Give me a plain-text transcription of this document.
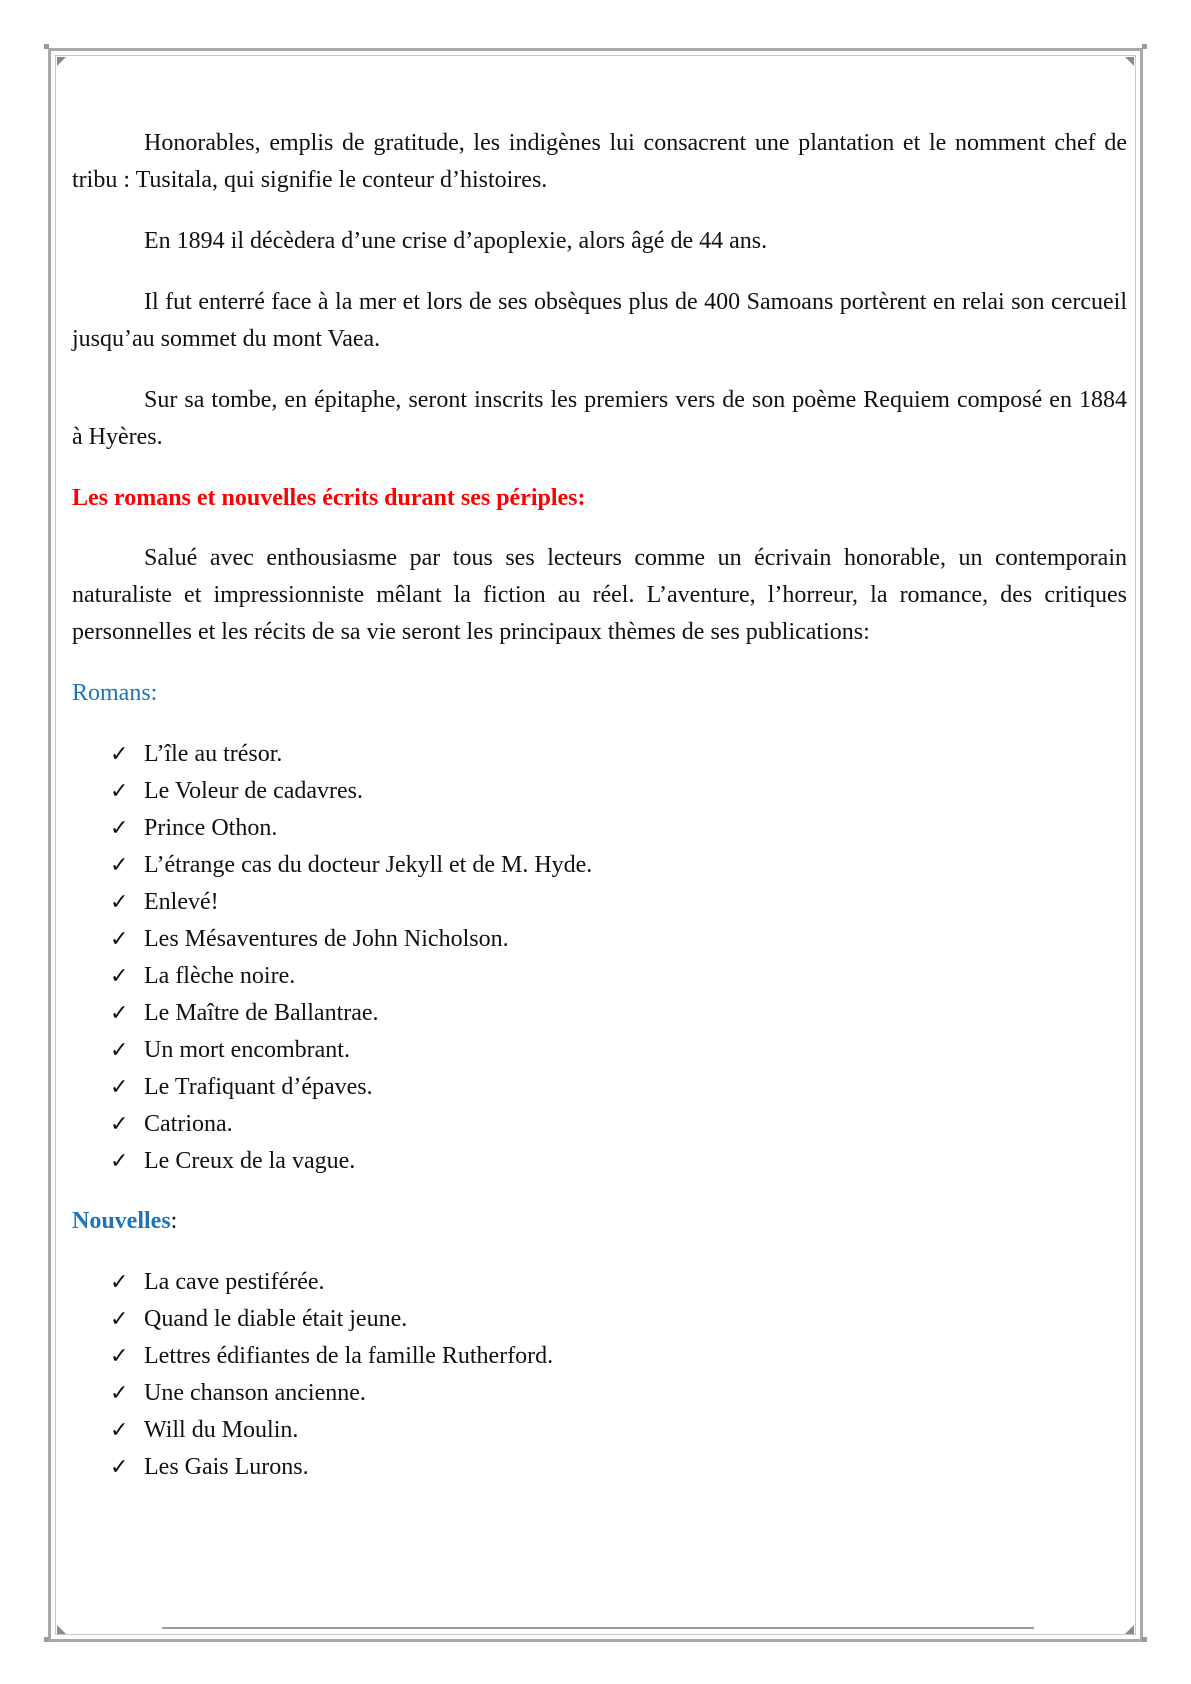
Honorables, emplis de gratitude, les indigènes lui consacrent une plantation et le nomment chef de tribu : Tusitala, qui signifie le conteur d’histoires.

En 1894 il décèdera d’une crise d’apoplexie, alors âgé de 44 ans.

Il fut enterré face à la mer et lors de ses obsèques plus de 400 Samoans portèrent en relai son cercueil jusqu’au sommet du mont Vaea.

Sur sa tombe, en épitaphe, seront inscrits les premiers vers de son poème Requiem composé en 1884 à Hyères.

Les romans et nouvelles écrits durant ses périples:

Salué avec enthousiasme par tous ses lecteurs comme un écrivain honorable, un contemporain naturaliste et impressionniste mêlant la fiction au réel. L’aventure, l’horreur, la romance, des critiques personnelles et les récits de sa vie seront les principaux thèmes de ses publications:

Romans:
✓ L’île au trésor.
✓ Le Voleur de cadavres.
✓ Prince Othon.
✓ L’étrange cas du docteur Jekyll et de M. Hyde.
✓ Enlevé!
✓ Les Mésaventures de John Nicholson.
✓ La flèche noire.
✓ Le Maître de Ballantrae.
✓ Un mort encombrant.
✓ Le Trafiquant d’épaves.
✓ Catriona.
✓ Le Creux de la vague.
Nouvelles:
✓ La cave pestiférée.
✓ Quand le diable était jeune.
✓ Lettres édifiantes de la famille Rutherford.
✓ Une chanson ancienne.
✓ Will du Moulin.
✓ Les Gais Lurons.
